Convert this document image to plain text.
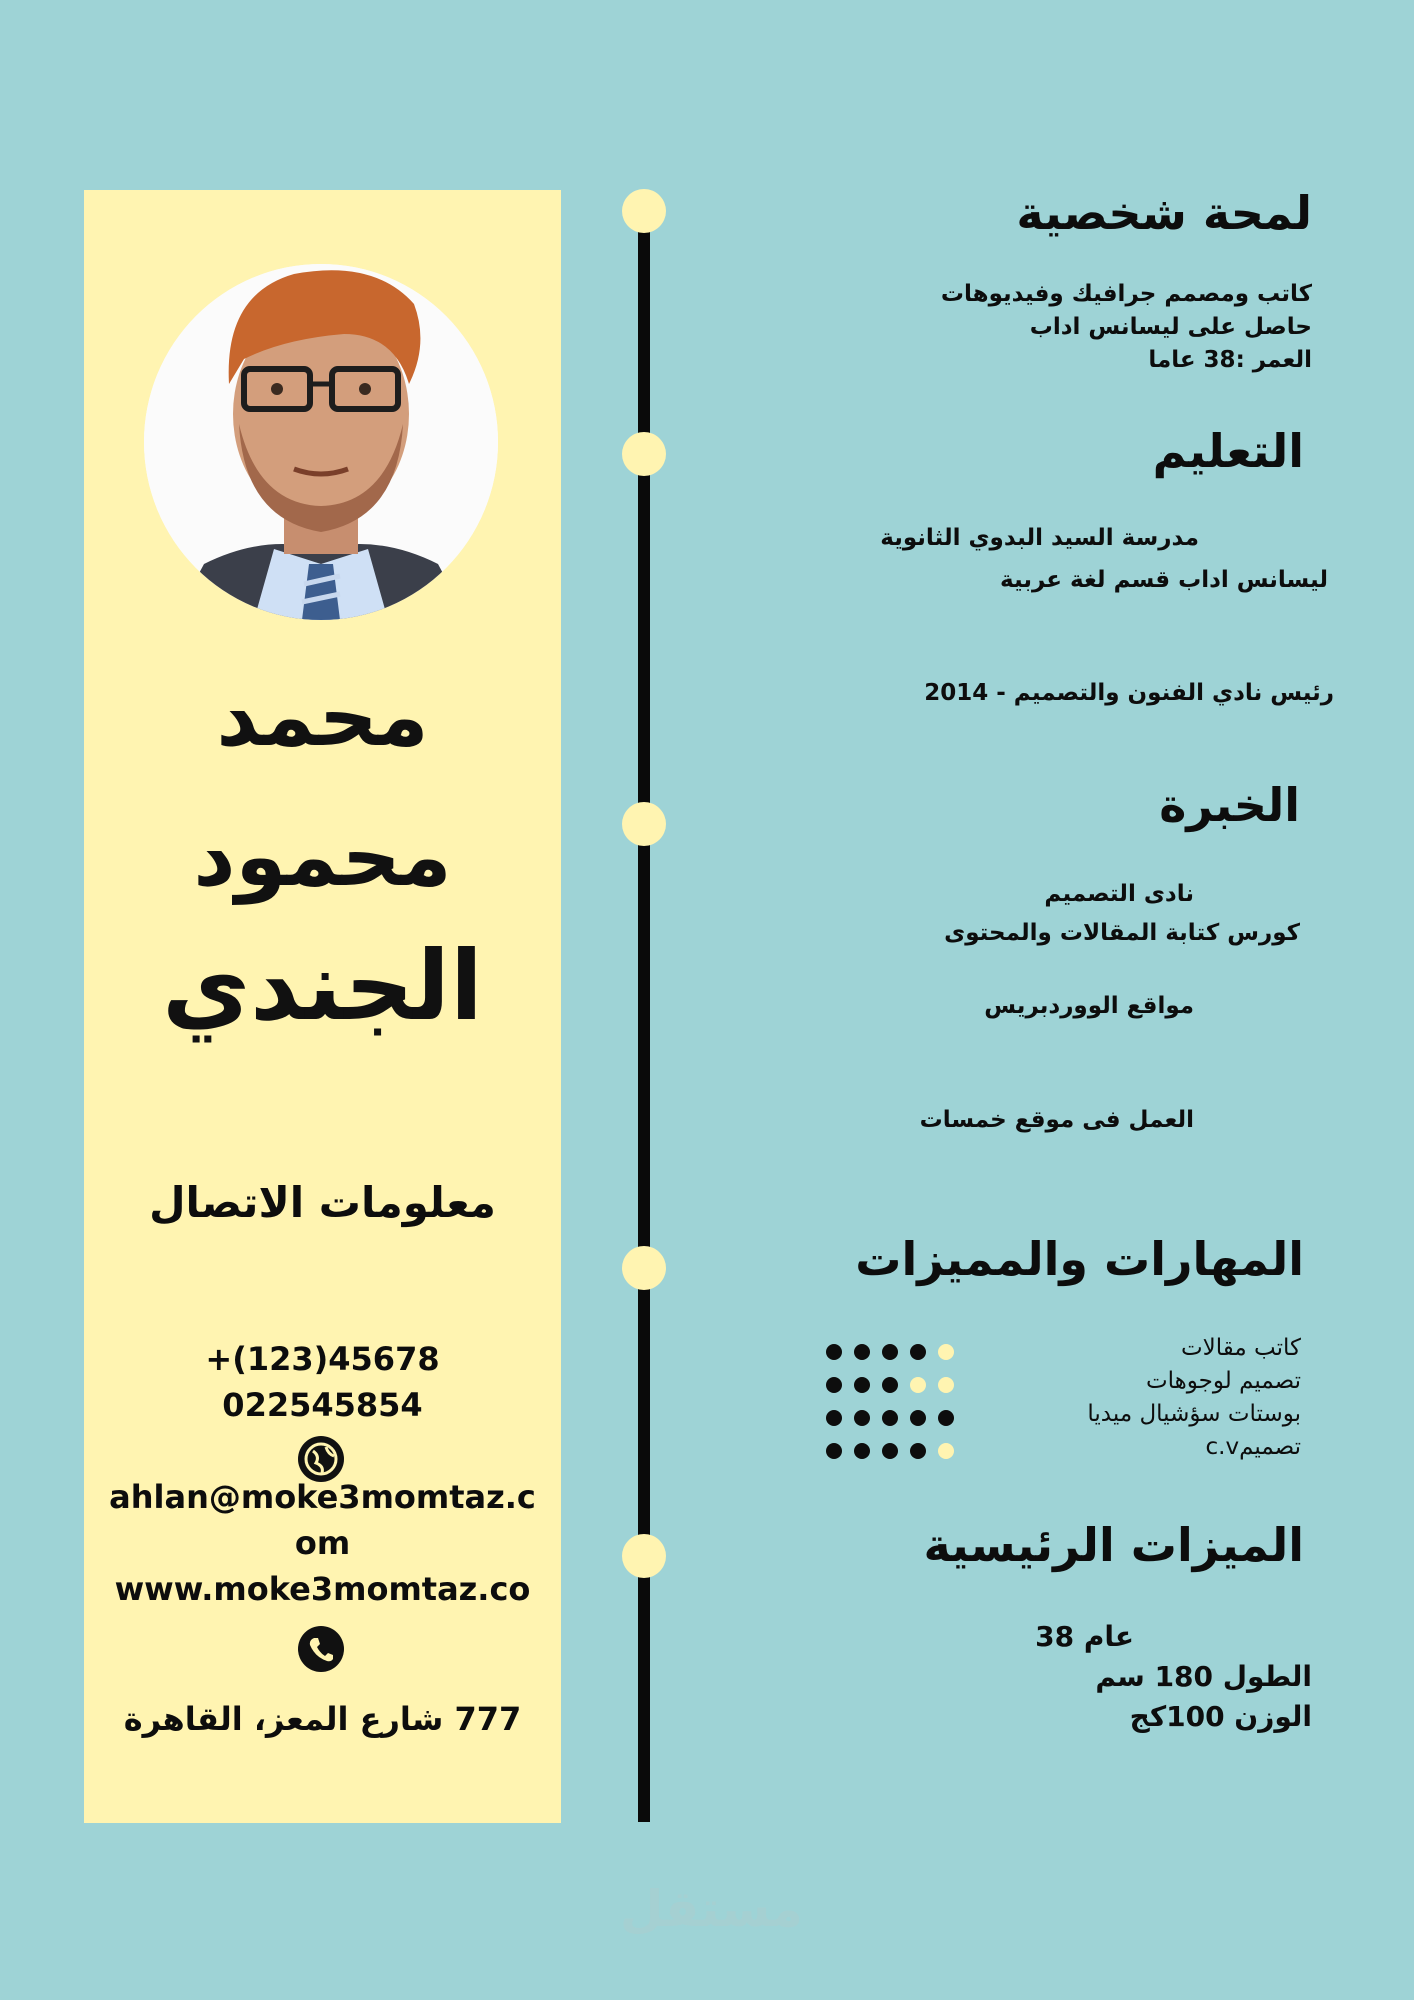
محمد
محمود
الجندي
معلومات الاتصال
+(123)45678
022545854
ahlan@moke3momtaz.c
om
www.moke3momtaz.co
777 شارع المعز، القاهرة
لمحة شخصية
كاتب ومصمم جرافيك وفيديوهات
حاصل على ليسانس اداب
العمر :38 عاما
التعليم
مدرسة السيد البدوي الثانوية
ليسانس اداب قسم لغة عربية
رئيس نادي الفنون والتصميم - 2014
الخبرة
نادى التصميم
كورس كتابة المقالات والمحتوى
مواقع الووردبريس
العمل فى موقع خمسات
المهارات والمميزات
كاتب مقالات
تصميم لوجوهات
بوستات سؤشيال ميديا
تصميمc.v
الميزات الرئيسية
عام 38
الطول 180 سم
الوزن 100كج
مستقل
